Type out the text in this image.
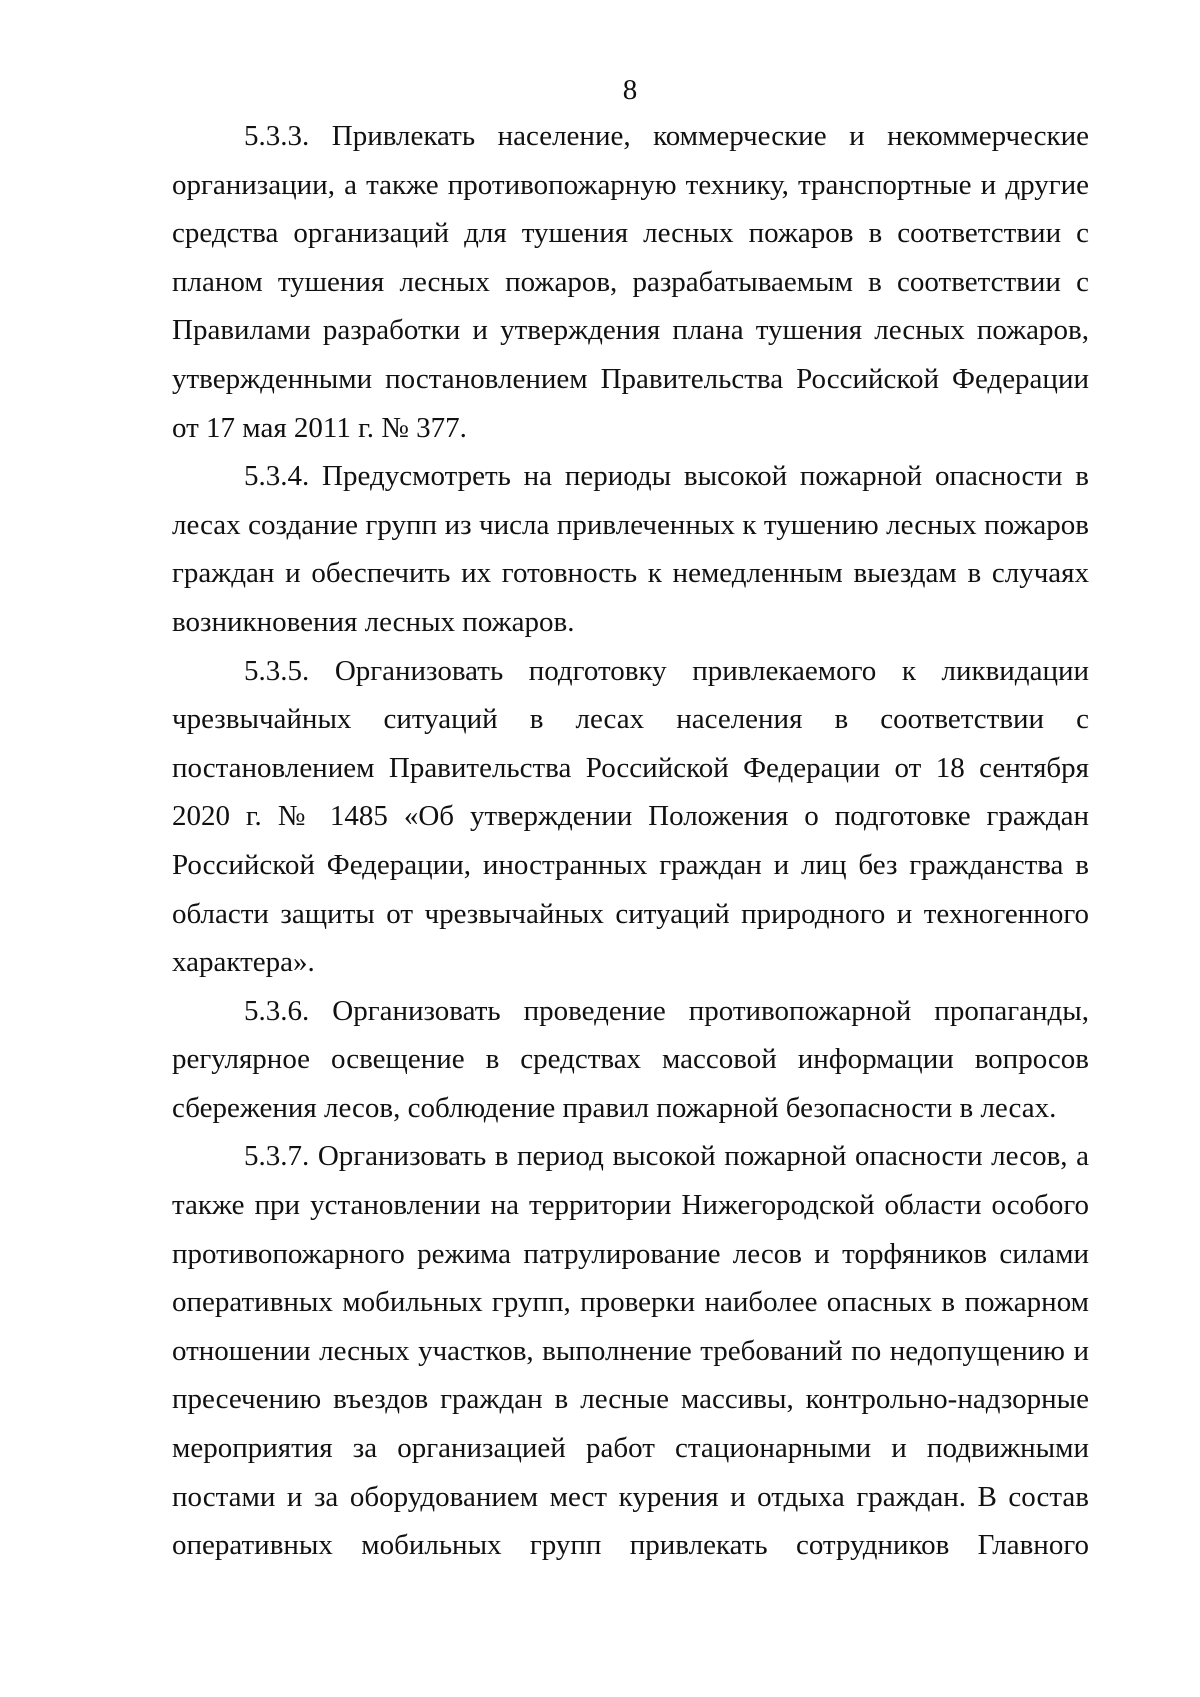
8

5.3.3. Привлекать население, коммерческие и некоммерческие организации, а также противопожарную технику, транспортные и другие средства организаций для тушения лесных пожаров в соответствии с планом тушения лесных пожаров, разрабатываемым в соответствии с Правилами разработки и утверждения плана тушения лесных пожаров, утвержденными постановлением Правительства Российской Федерации от 17 мая 2011 г. № 377.

5.3.4. Предусмотреть на периоды высокой пожарной опасности в лесах создание групп из числа привлеченных к тушению лесных пожаров граждан и обеспечить их готовность к немедленным выездам в случаях возникновения лесных пожаров.

5.3.5. Организовать подготовку привлекаемого к ликвидации чрезвычайных ситуаций в лесах населения в соответствии с постановлением Правительства Российской Федерации от 18 сентября 2020 г. № 1485 «Об утверждении Положения о подготовке граждан Российской Федерации, иностранных граждан и лиц без гражданства в области защиты от чрезвычайных ситуаций природного и техногенного характера».

5.3.6. Организовать проведение противопожарной пропаганды, регулярное освещение в средствах массовой информации вопросов сбережения лесов, соблюдение правил пожарной безопасности в лесах.

5.3.7. Организовать в период высокой пожарной опасности лесов, а также при установлении на территории Нижегородской области особого противопожарного режима патрулирование лесов и торфяников силами оперативных мобильных групп, проверки наиболее опасных в пожарном отношении лесных участков, выполнение требований по недопущению и пресечению въездов граждан в лесные массивы, контрольно-надзорные мероприятия за организацией работ стационарными и подвижными постами и за оборудованием мест курения и отдыха граждан. В состав оперативных мобильных групп привлекать сотрудников Главного
